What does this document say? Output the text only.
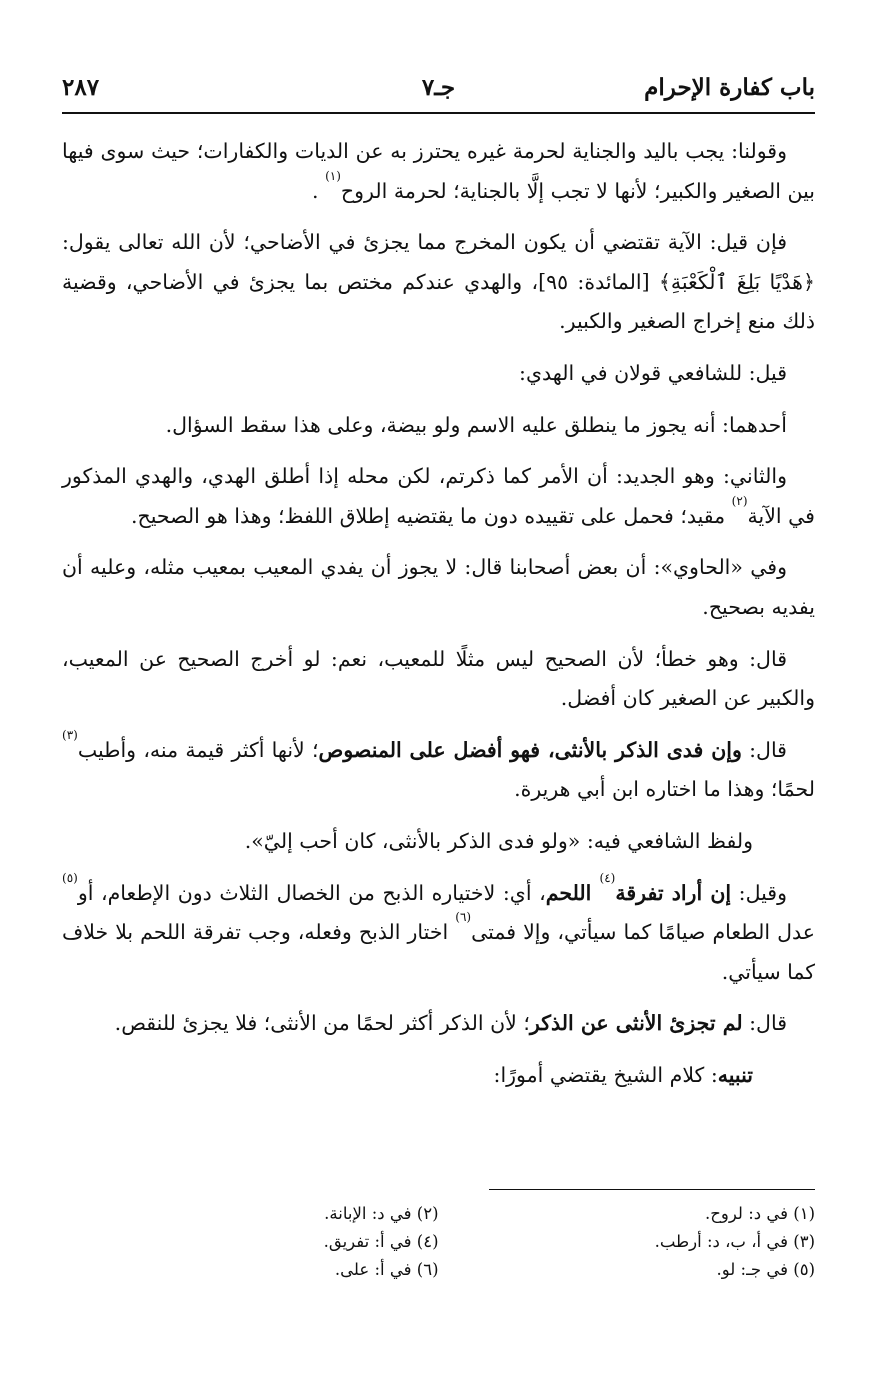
باب كفارة الإحرام
جـ٧
٢٨٧

وقولنا: يجب باليد والجناية لحرمة غيره يحترز به عن الديات والكفارات؛ حيث سوى فيها بين الصغير والكبير؛ لأنها لا تجب إلَّا بالجناية؛ لحرمة الروح$^{(١)}$ .

فإن قيل: الآية تقتضي أن يكون المخرج مما يجزئ في الأضاحي؛ لأن الله تعالى يقول: ﴿هَدْيًا بَلِغَ ٱلْكَعْبَةِ﴾ [المائدة: ٩٥]، والهدي عندكم مختص بما يجزئ في الأضاحي، وقضية ذلك منع إخراج الصغير والكبير.

قيل: للشافعي قولان في الهدي:

أحدهما: أنه يجوز ما ينطلق عليه الاسم ولو بيضة، وعلى هذا سقط السؤال.

والثاني: وهو الجديد: أن الأمر كما ذكرتم، لكن محله إذا أطلق الهدي، والهدي المذكور في الآية$^{(٢)}$ مقيد؛ فحمل على تقييده دون ما يقتضيه إطلاق اللفظ؛ وهذا هو الصحيح.

وفي «الحاوي»: أن بعض أصحابنا قال: لا يجوز أن يفدي المعيب بمعيب مثله، وعليه أن يفديه بصحيح.

قال: وهو خطأ؛ لأن الصحيح ليس مثلًا للمعيب، نعم: لو أخرج الصحيح عن المعيب، والكبير عن الصغير كان أفضل.

قال: وإن فدى الذكر بالأنثى، فهو أفضل على المنصوص؛ لأنها أكثر قيمة منه، وأطيب$^{(٣)}$ لحمًا؛ وهذا ما اختاره ابن أبي هريرة.

ولفظ الشافعي فيه: «ولو فدى الذكر بالأنثى، كان أحب إليّ».

وقيل: إن أراد تفرقة$^{(٤)}$ اللحم، أي: لاختياره الذبح من الخصال الثلاث دون الإطعام، أو$^{(٥)}$ عدل الطعام صيامًا كما سيأتي، وإلا فمتى$^{(٦)}$ اختار الذبح وفعله، وجب تفرقة اللحم بلا خلاف كما سيأتي.

قال: لم تجزئ الأنثى عن الذكر؛ لأن الذكر أكثر لحمًا من الأنثى؛ فلا يجزئ للنقص.

تنبيه: كلام الشيخ يقتضي أمورًا:

(١) في د: لروح.
(٢) في د: الإبانة.
(٣) في أ، ب، د: أرطب.
(٤) في أ: تفريق.
(٥) في جـ: لو.
(٦) في أ: على.
